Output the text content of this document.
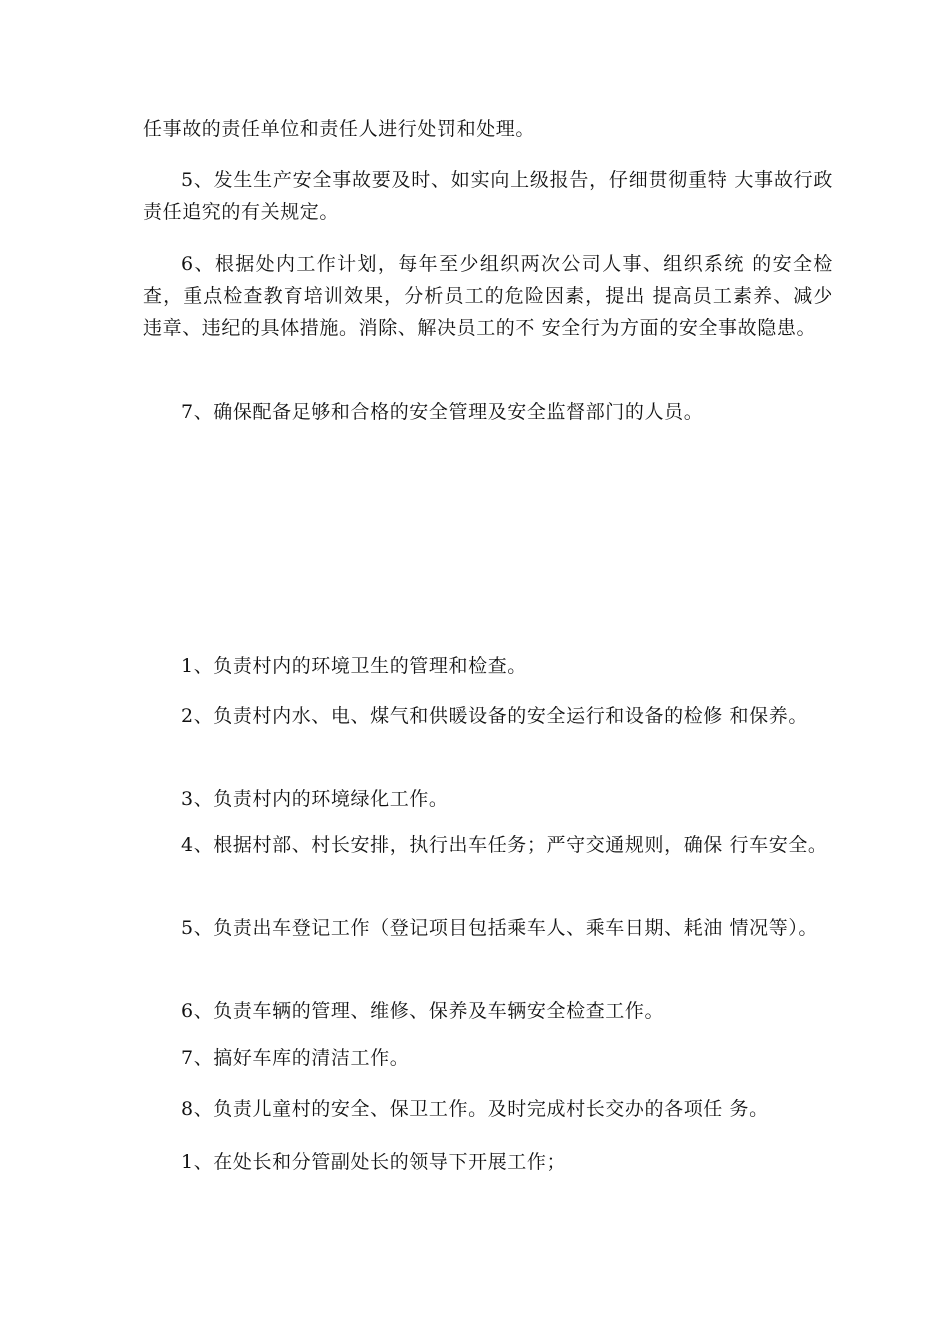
任事故的责任单位和责任人进行处罚和处理。

5、发生生产安全事故要及时、如实向上级报告，仔细贯彻重特 大事故行政责任追究的有关规定。

6、根据处内工作计划，每年至少组织两次公司人事、组织系统 的安全检查，重点检查教育培训效果，分析员工的危险因素，提出 提高员工素养、减少违章、违纪的具体措施。消除、解决员工的不 安全行为方面的安全事故隐患。

7、确保配备足够和合格的安全管理及安全监督部门的人员。

1、负责村内的环境卫生的管理和检查。

2、负责村内水、电、煤气和供暖设备的安全运行和设备的检修 和保养。

3、负责村内的环境绿化工作。

4、根据村部、村长安排，执行出车任务；严守交通规则，确保 行车安全。

5、负责出车登记工作（登记项目包括乘车人、乘车日期、耗油 情况等）。

6、负责车辆的管理、维修、保养及车辆安全检查工作。

7、搞好车库的清洁工作。

8、负责儿童村的安全、保卫工作。及时完成村长交办的各项任 务。

1、在处长和分管副处长的领导下开展工作；
